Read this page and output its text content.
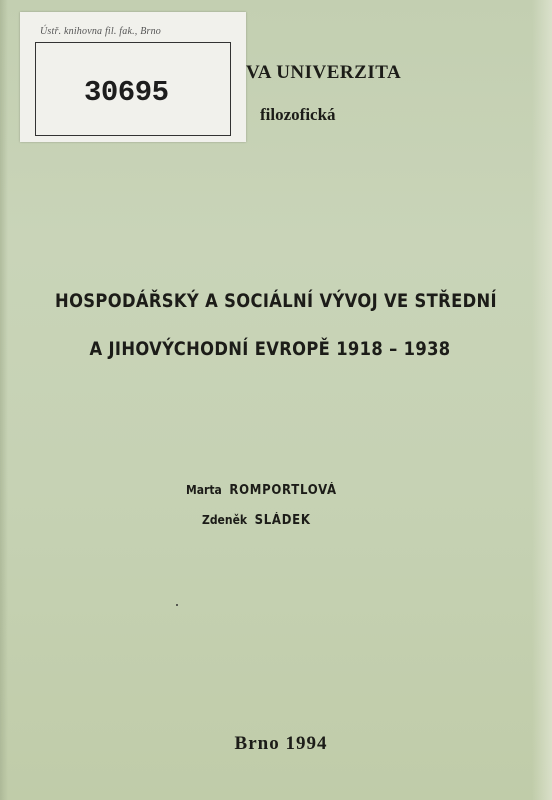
Ústř. knihovna fil. fak., Brno
30695
VA UNIVERZITA
filozofická
HOSPODÁŘSKÝ A SOCIÁLNÍ VÝVOJ VE STŘEDNÍ
A JIHOVÝCHODNÍ EVROPĚ 1918 – 1938
Marta ROMPORTLOVÁ
Zdeněk SLÁDEK
Brno 1994
